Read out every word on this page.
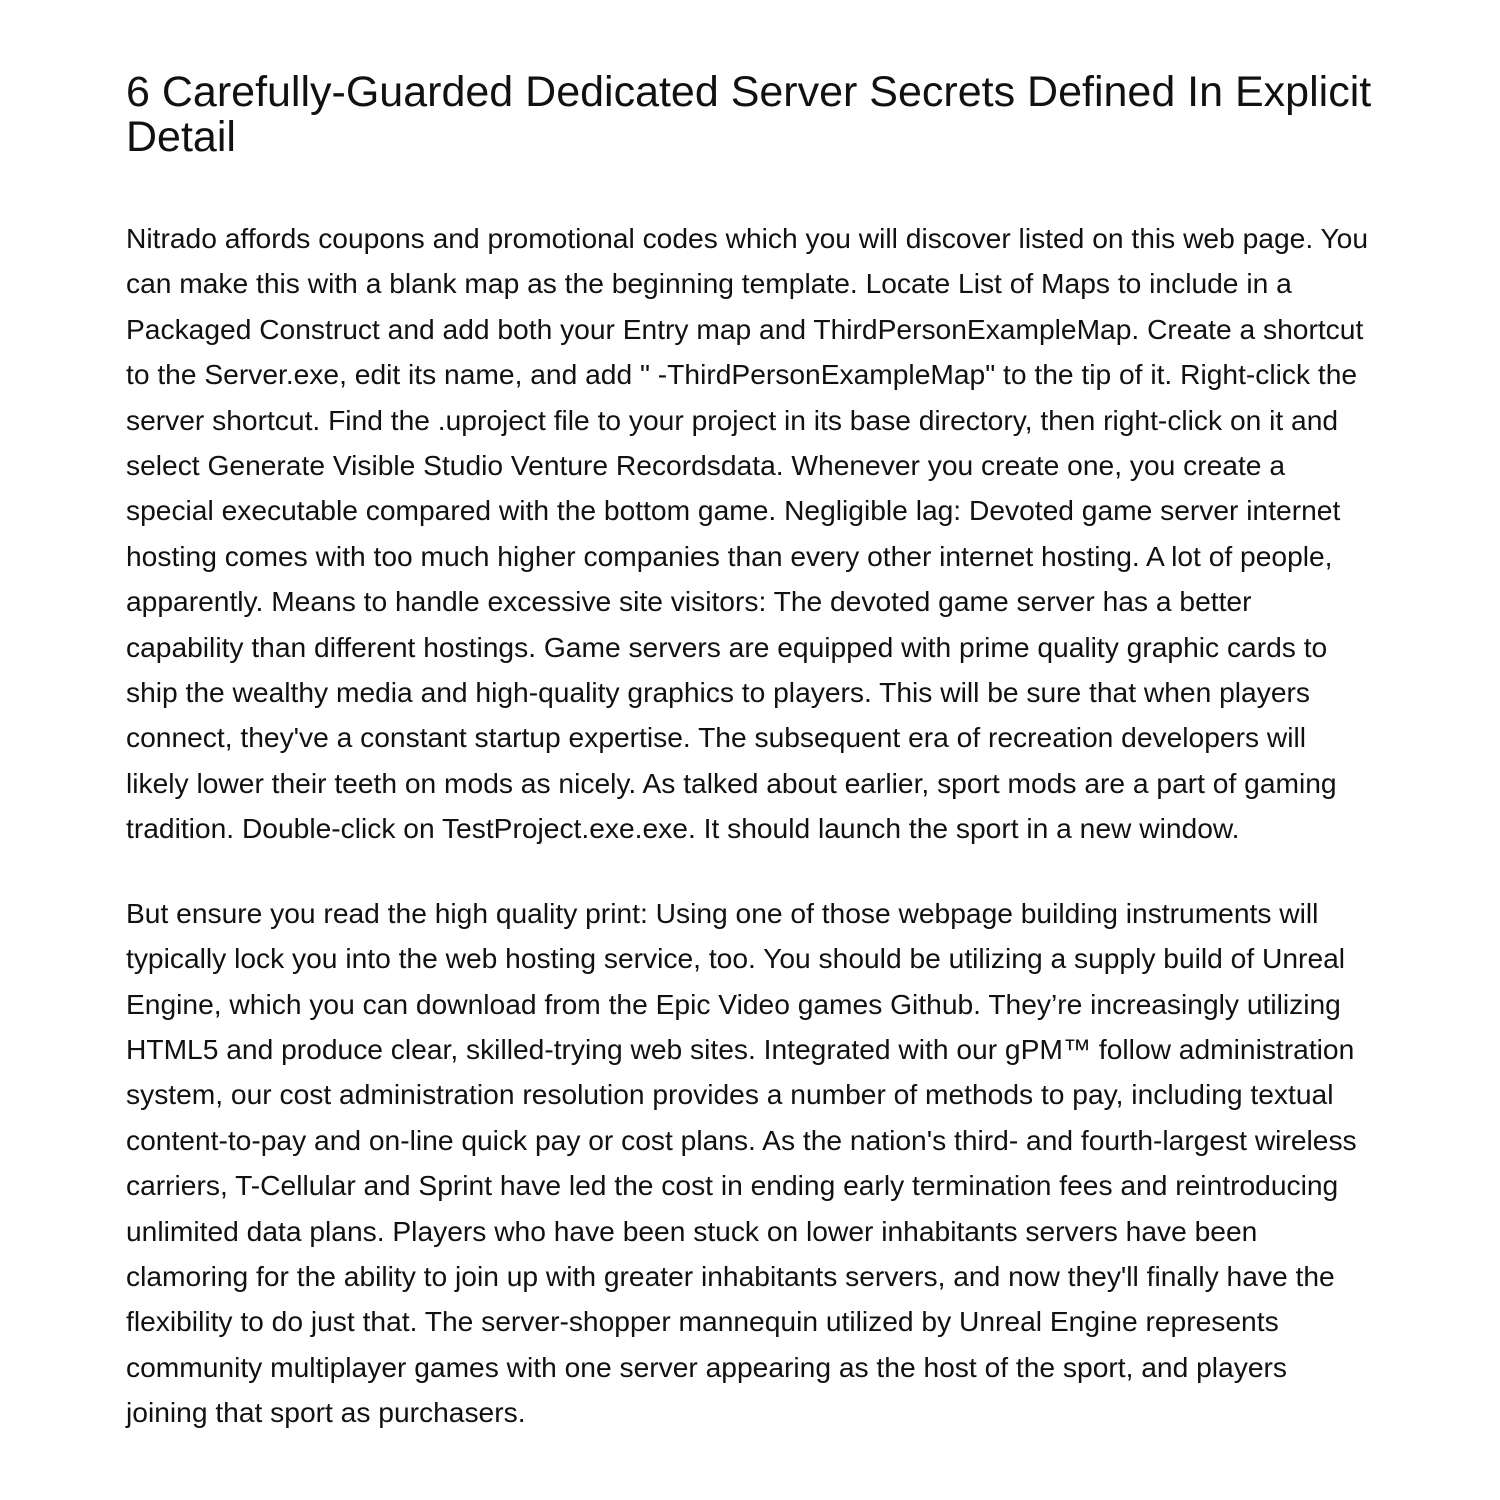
6 Carefully-Guarded Dedicated Server Secrets Defined In Explicit Detail

Nitrado affords coupons and promotional codes which you will discover listed on this web page. You can make this with a blank map as the beginning template. Locate List of Maps to include in a Packaged Construct and add both your Entry map and ThirdPersonExampleMap. Create a shortcut to the Server.exe, edit its name, and add " -ThirdPersonExampleMap" to the tip of it. Right-click the server shortcut. Find the .uproject file to your project in its base directory, then right-click on it and select Generate Visible Studio Venture Recordsdata. Whenever you create one, you create a special executable compared with the bottom game. Negligible lag: Devoted game server internet hosting comes with too much higher companies than every other internet hosting. A lot of people, apparently. Means to handle excessive site visitors: The devoted game server has a better capability than different hostings. Game servers are equipped with prime quality graphic cards to ship the wealthy media and high-quality graphics to players. This will be sure that when players connect, they've a constant startup expertise. The subsequent era of recreation developers will likely lower their teeth on mods as nicely. As talked about earlier, sport mods are a part of gaming tradition. Double-click on TestProject.exe.exe. It should launch the sport in a new window.

But ensure you read the high quality print: Using one of those webpage building instruments will typically lock you into the web hosting service, too. You should be utilizing a supply build of Unreal Engine, which you can download from the Epic Video games Github. They’re increasingly utilizing HTML5 and produce clear, skilled-trying web sites. Integrated with our gPM™ follow administration system, our cost administration resolution provides a number of methods to pay, including textual content-to-pay and on-line quick pay or cost plans. As the nation's third- and fourth-largest wireless carriers, T-Cellular and Sprint have led the cost in ending early termination fees and reintroducing unlimited data plans. Players who have been stuck on lower inhabitants servers have been clamoring for the ability to join up with greater inhabitants servers, and now they'll finally have the flexibility to do just that. The server-shopper mannequin utilized by Unreal Engine represents community multiplayer games with one server appearing as the host of the sport, and players joining that sport as purchasers.
